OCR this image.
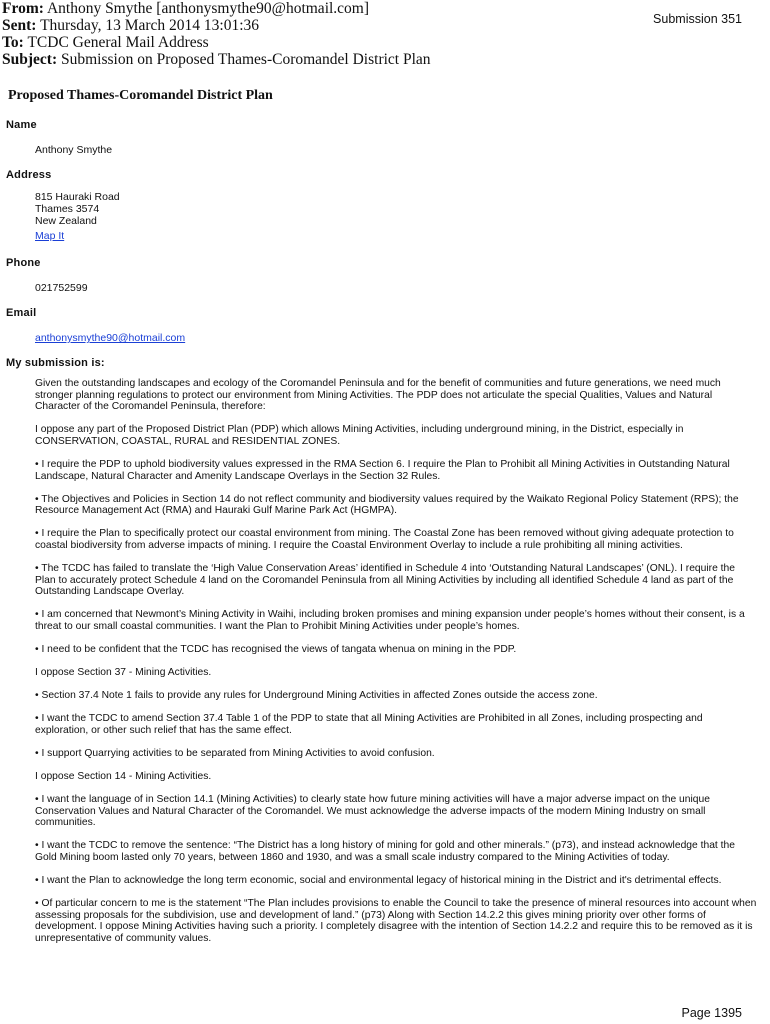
From: Anthony Smythe [anthonysmythe90@hotmail.com]
Sent: Thursday, 13 March 2014 13:01:36
To: TCDC General Mail Address
Subject: Submission on Proposed Thames-Coromandel District Plan
Submission 351
Proposed Thames-Coromandel District Plan
Name
Anthony Smythe
Address
815 Hauraki Road
Thames 3574
New Zealand
Map It
Phone
021752599
Email
anthonysmythe90@hotmail.com
My submission is:

Given the outstanding landscapes and ecology of the Coromandel Peninsula and for the benefit of communities and future generations, we need much stronger planning regulations to protect our environment from Mining Activities. The PDP does not articulate the special Qualities, Values and Natural Character of the Coromandel Peninsula, therefore:

I oppose any part of the Proposed District Plan (PDP) which allows Mining Activities, including underground mining, in the District, especially in CONSERVATION, COASTAL, RURAL and RESIDENTIAL ZONES.

• I require the PDP to uphold biodiversity values expressed in the RMA Section 6. I require the Plan to Prohibit all Mining Activities in Outstanding Natural Landscape, Natural Character and Amenity Landscape Overlays in the Section 32 Rules.

• The Objectives and Policies in Section 14 do not reflect community and biodiversity values required by the Waikato Regional Policy Statement (RPS); the Resource Management Act (RMA) and Hauraki Gulf Marine Park Act (HGMPA).

• I require the Plan to specifically protect our coastal environment from mining. The Coastal Zone has been removed without giving adequate protection to coastal biodiversity from adverse impacts of mining. I require the Coastal Environment Overlay to include a rule prohibiting all mining activities.

• The TCDC has failed to translate the ‘High Value Conservation Areas’ identified in Schedule 4 into ‘Outstanding Natural Landscapes’ (ONL). I require the Plan to accurately protect Schedule 4 land on the Coromandel Peninsula from all Mining Activities by including all identified Schedule 4 land as part of the Outstanding Landscape Overlay.

• I am concerned that Newmont’s Mining Activity in Waihi, including broken promises and mining expansion under people’s homes without their consent, is a threat to our small coastal communities. I want the Plan to Prohibit Mining Activities under people’s homes.

• I need to be confident that the TCDC has recognised the views of tangata whenua on mining in the PDP.

I oppose Section 37 - Mining Activities.

• Section 37.4 Note 1 fails to provide any rules for Underground Mining Activities in affected Zones outside the access zone.

• I want the TCDC to amend Section 37.4 Table 1 of the PDP to state that all Mining Activities are Prohibited in all Zones, including prospecting and exploration, or other such relief that has the same effect.

• I support Quarrying activities to be separated from Mining Activities to avoid confusion.

I oppose Section 14 - Mining Activities.

• I want the language of in Section 14.1 (Mining Activities) to clearly state how future mining activities will have a major adverse impact on the unique Conservation Values and Natural Character of the Coromandel. We must acknowledge the adverse impacts of the modern Mining Industry on small communities.

• I want the TCDC to remove the sentence: “The District has a long history of mining for gold and other minerals.” (p73), and instead acknowledge that the Gold Mining boom lasted only 70 years, between 1860 and 1930, and was a small scale industry compared to the Mining Activities of today.

• I want the Plan to acknowledge the long term economic, social and environmental legacy of historical mining in the District and it's detrimental effects.

• Of particular concern to me is the statement “The Plan includes provisions to enable the Council to take the presence of mineral resources into account when assessing proposals for the subdivision, use and development of land.” (p73) Along with Section 14.2.2 this gives mining priority over other forms of development. I oppose Mining Activities having such a priority. I completely disagree with the intention of Section 14.2.2 and require this to be removed as it is unrepresentative of community values.

Page 1395
